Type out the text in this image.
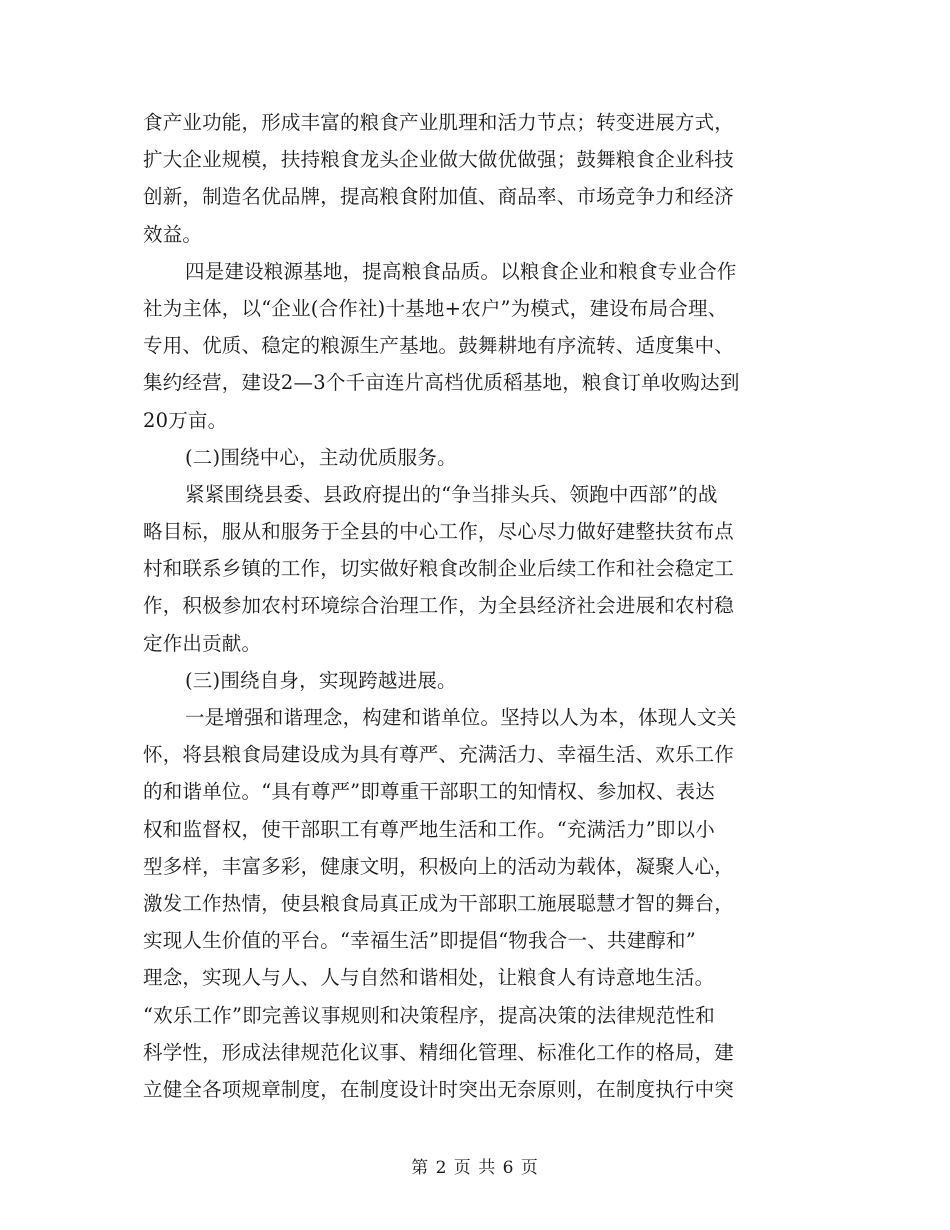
食产业功能，形成丰富的粮食产业肌理和活力节点；转变进展方式，
扩大企业规模，扶持粮食龙头企业做大做优做强；鼓舞粮食企业科技
创新，制造名优品牌，提高粮食附加值、商品率、市场竞争力和经济
效益。
四是建设粮源基地，提高粮食品质。以粮食企业和粮食专业合作
社为主体，以“企业(合作社)十基地+农户”为模式，建设布局合理、
专用、优质、稳定的粮源生产基地。鼓舞耕地有序流转、适度集中、
集约经营，建设2—3个千亩连片高档优质稻基地，粮食订单收购达到
20万亩。
(二)围绕中心，主动优质服务。
紧紧围绕县委、县政府提出的“争当排头兵、领跑中西部”的战
略目标，服从和服务于全县的中心工作，尽心尽力做好建整扶贫布点
村和联系乡镇的工作，切实做好粮食改制企业后续工作和社会稳定工
作，积极参加农村环境综合治理工作，为全县经济社会进展和农村稳
定作出贡献。
(三)围绕自身，实现跨越进展。
一是增强和谐理念，构建和谐单位。坚持以人为本，体现人文关
怀，将县粮食局建设成为具有尊严、充满活力、幸福生活、欢乐工作
的和谐单位。“具有尊严”即尊重干部职工的知情权、参加权、表达
权和监督权，使干部职工有尊严地生活和工作。“充满活力”即以小
型多样，丰富多彩，健康文明，积极向上的活动为载体，凝聚人心，
激发工作热情，使县粮食局真正成为干部职工施展聪慧才智的舞台，
实现人生价值的平台。“幸福生活”即提倡“物我合一、共建醇和”
理念，实现人与人、人与自然和谐相处，让粮食人有诗意地生活。
“欢乐工作”即完善议事规则和决策程序，提高决策的法律规范性和
科学性，形成法律规范化议事、精细化管理、标准化工作的格局，建
立健全各项规章制度，在制度设计时突出无奈原则，在制度执行中突
第 2 页 共 6 页
